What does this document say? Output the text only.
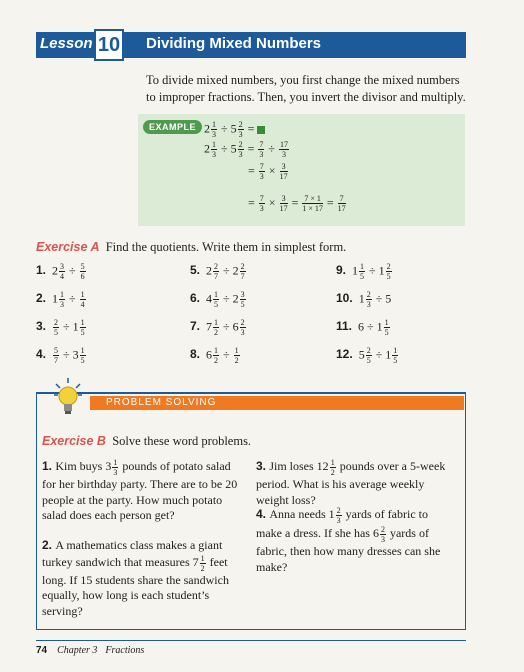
Lesson 10 Dividing Mixed Numbers
To divide mixed numbers, you first change the mixed numbers to improper fractions. Then, you invert the divisor and multiply.
EXAMPLE $2 \frac{1}{3} \div 5 \frac{2}{3}$ =
$2 \frac{1}{3} \div 5 \frac{2}{3} = \frac{7}{3} \div \frac{17}{3}$
= $\frac{7}{3} \times \frac{3}{17}$
= $\frac{7}{3} \times \frac{3}{17} = \frac{7 \times 1}{1 \times 17} = \frac{7}{17}$
Exercise A Find the quotients. Write them in simplest form.
1. $2 \frac{3}{4} \div \frac{5}{6}$
2. $1 \frac{1}{3} \div \frac{1}{4}$
3. $\frac{2}{5} \div 1 \frac{1}{5}$
4. $\frac{5}{7} \div 3 \frac{1}{5}$
5. $2 \frac{2}{7} \div 2 \frac{2}{7}$
6. $4 \frac{1}{5} \div 2 \frac{3}{5}$
7. $7 \frac{1}{2} \div 6 \frac{2}{3}$
8. $6 \frac{1}{2} \div \frac{1}{2}$
9. $1 \frac{1}{5} \div 1 \frac{2}{5}$
10. $1 \frac{2}{3} \div 5$
11. $6 \div 1 \frac{1}{5}$
12. $5 \frac{2}{5} \div 1 \frac{1}{5}$
PROBLEM SOLVING
Exercise B Solve these word problems.
1. Kim buys $3 \frac{1}{3}$ pounds of potato salad for her birthday party. There are to be 20 people at the party. How much potato salad does each person get?
2. A mathematics class makes a giant turkey sandwich that measures $7 \frac{1}{2}$ feet long. If 15 students share the sandwich equally, how long is each student’s serving?
3. Jim loses $12 \frac{1}{2}$ pounds over a 5-week period. What is his average weekly weight loss?
4. Anna needs $1 \frac{2}{3}$ yards of fabric to make a dress. If she has $6 \frac{2}{3}$ yards of fabric, then how many dresses can she make?
74 Chapter 3 Fractions
